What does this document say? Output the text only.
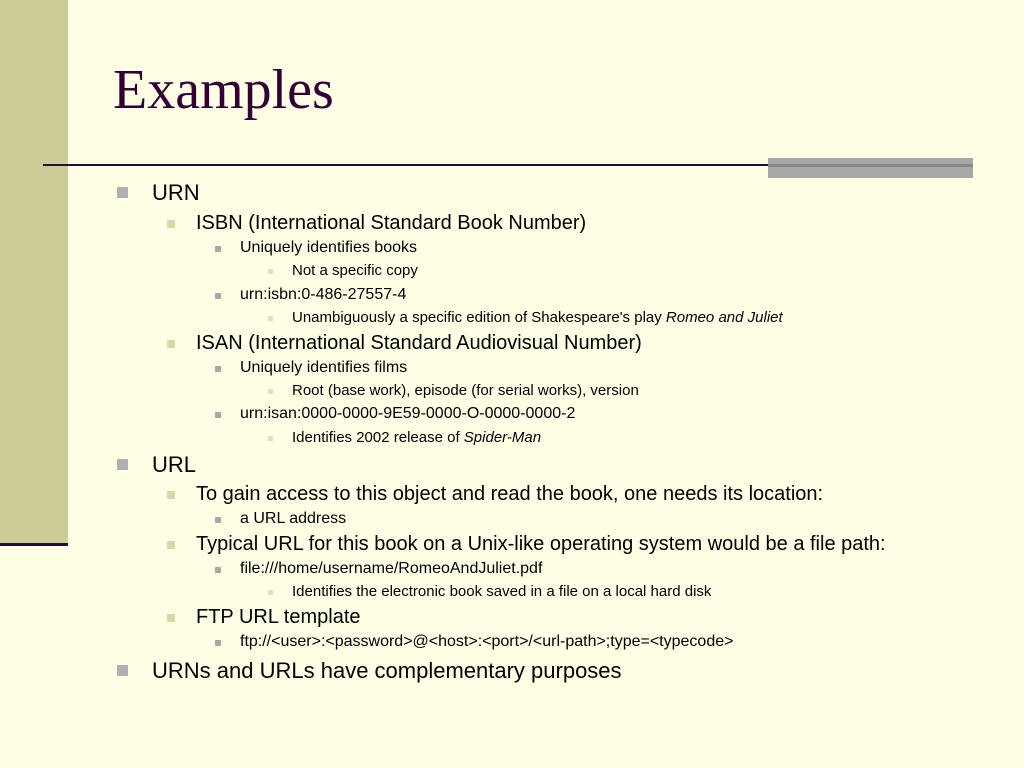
Examples
URN
ISBN (International Standard Book Number)
Uniquely identifies books
Not a specific copy
urn:isbn:0-486-27557-4
Unambiguously a specific edition of Shakespeare's play Romeo and Juliet
ISAN (International Standard Audiovisual Number)
Uniquely identifies films
Root (base work), episode (for serial works), version
urn:isan:0000-0000-9E59-0000-O-0000-0000-2
Identifies 2002 release of Spider-Man
URL
To gain access to this object and read the book, one needs its location:
a URL address
Typical URL for this book on a Unix-like operating system would be a file path:
file:///home/username/RomeoAndJuliet.pdf
Identifies the electronic book saved in a file on a local hard disk
FTP URL template
ftp://<user>:<password>@<host>:<port>/<url-path>;type=<typecode>
URNs and URLs have complementary purposes
